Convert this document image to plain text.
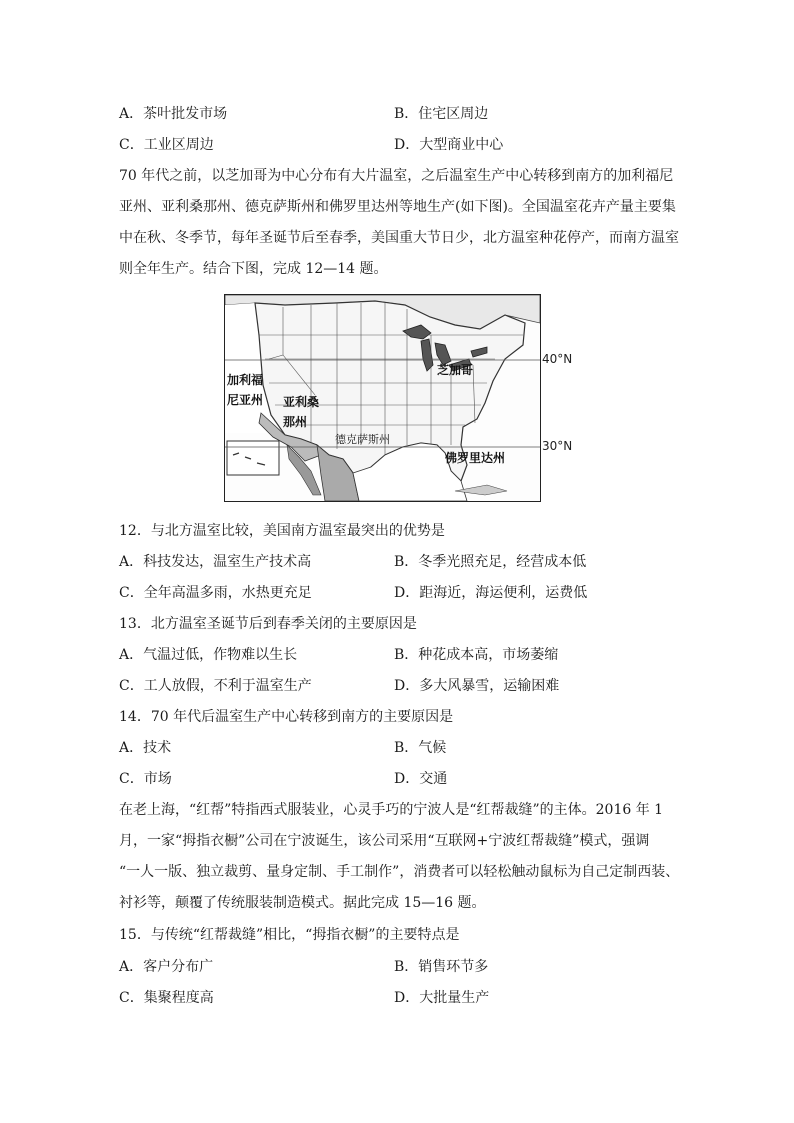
A．茶叶批发市场	B．住宅区周边
C．工业区周边	D．大型商业中心
70 年代之前，以芝加哥为中心分布有大片温室，之后温室生产中心转移到南方的加利福尼
亚州、亚利桑那州、德克萨斯州和佛罗里达州等地生产(如下图)。全国温室花卉产量主要集
中在秋、冬季节，每年圣诞节后至春季，美国重大节日少，北方温室种花停产，而南方温室
则全年生产。结合下图，完成 12—14 题。
加利福
尼亚州 亚利桑
那州
德克萨斯州
芝加哥
佛罗里达州
40°N
30°N
12．与北方温室比较，美国南方温室最突出的优势是
A．科技发达，温室生产技术高	B．冬季光照充足，经营成本低
C．全年高温多雨，水热更充足	D．距海近，海运便利，运费低
13．北方温室圣诞节后到春季关闭的主要原因是
A．气温过低，作物难以生长	B．种花成本高，市场萎缩
C．工人放假，不利于温室生产	D．多大风暴雪，运输困难
14．70 年代后温室生产中心转移到南方的主要原因是
A．技术	B．气候
C．市场	D．交通
在老上海，“红帮”特指西式服装业，心灵手巧的宁波人是“红帮裁缝”的主体。2016 年 1
月，一家“拇指衣橱”公司在宁波诞生，该公司采用“互联网+宁波红帮裁缝”模式，强调
“一人一版、独立裁剪、量身定制、手工制作”，消费者可以轻松触动鼠标为自己定制西装、
衬衫等，颠覆了传统服装制造模式。据此完成 15—16 题。
15．与传统“红帮裁缝”相比，“拇指衣橱”的主要特点是
A．客户分布广	B．销售环节多
C．集聚程度高	D．大批量生产
